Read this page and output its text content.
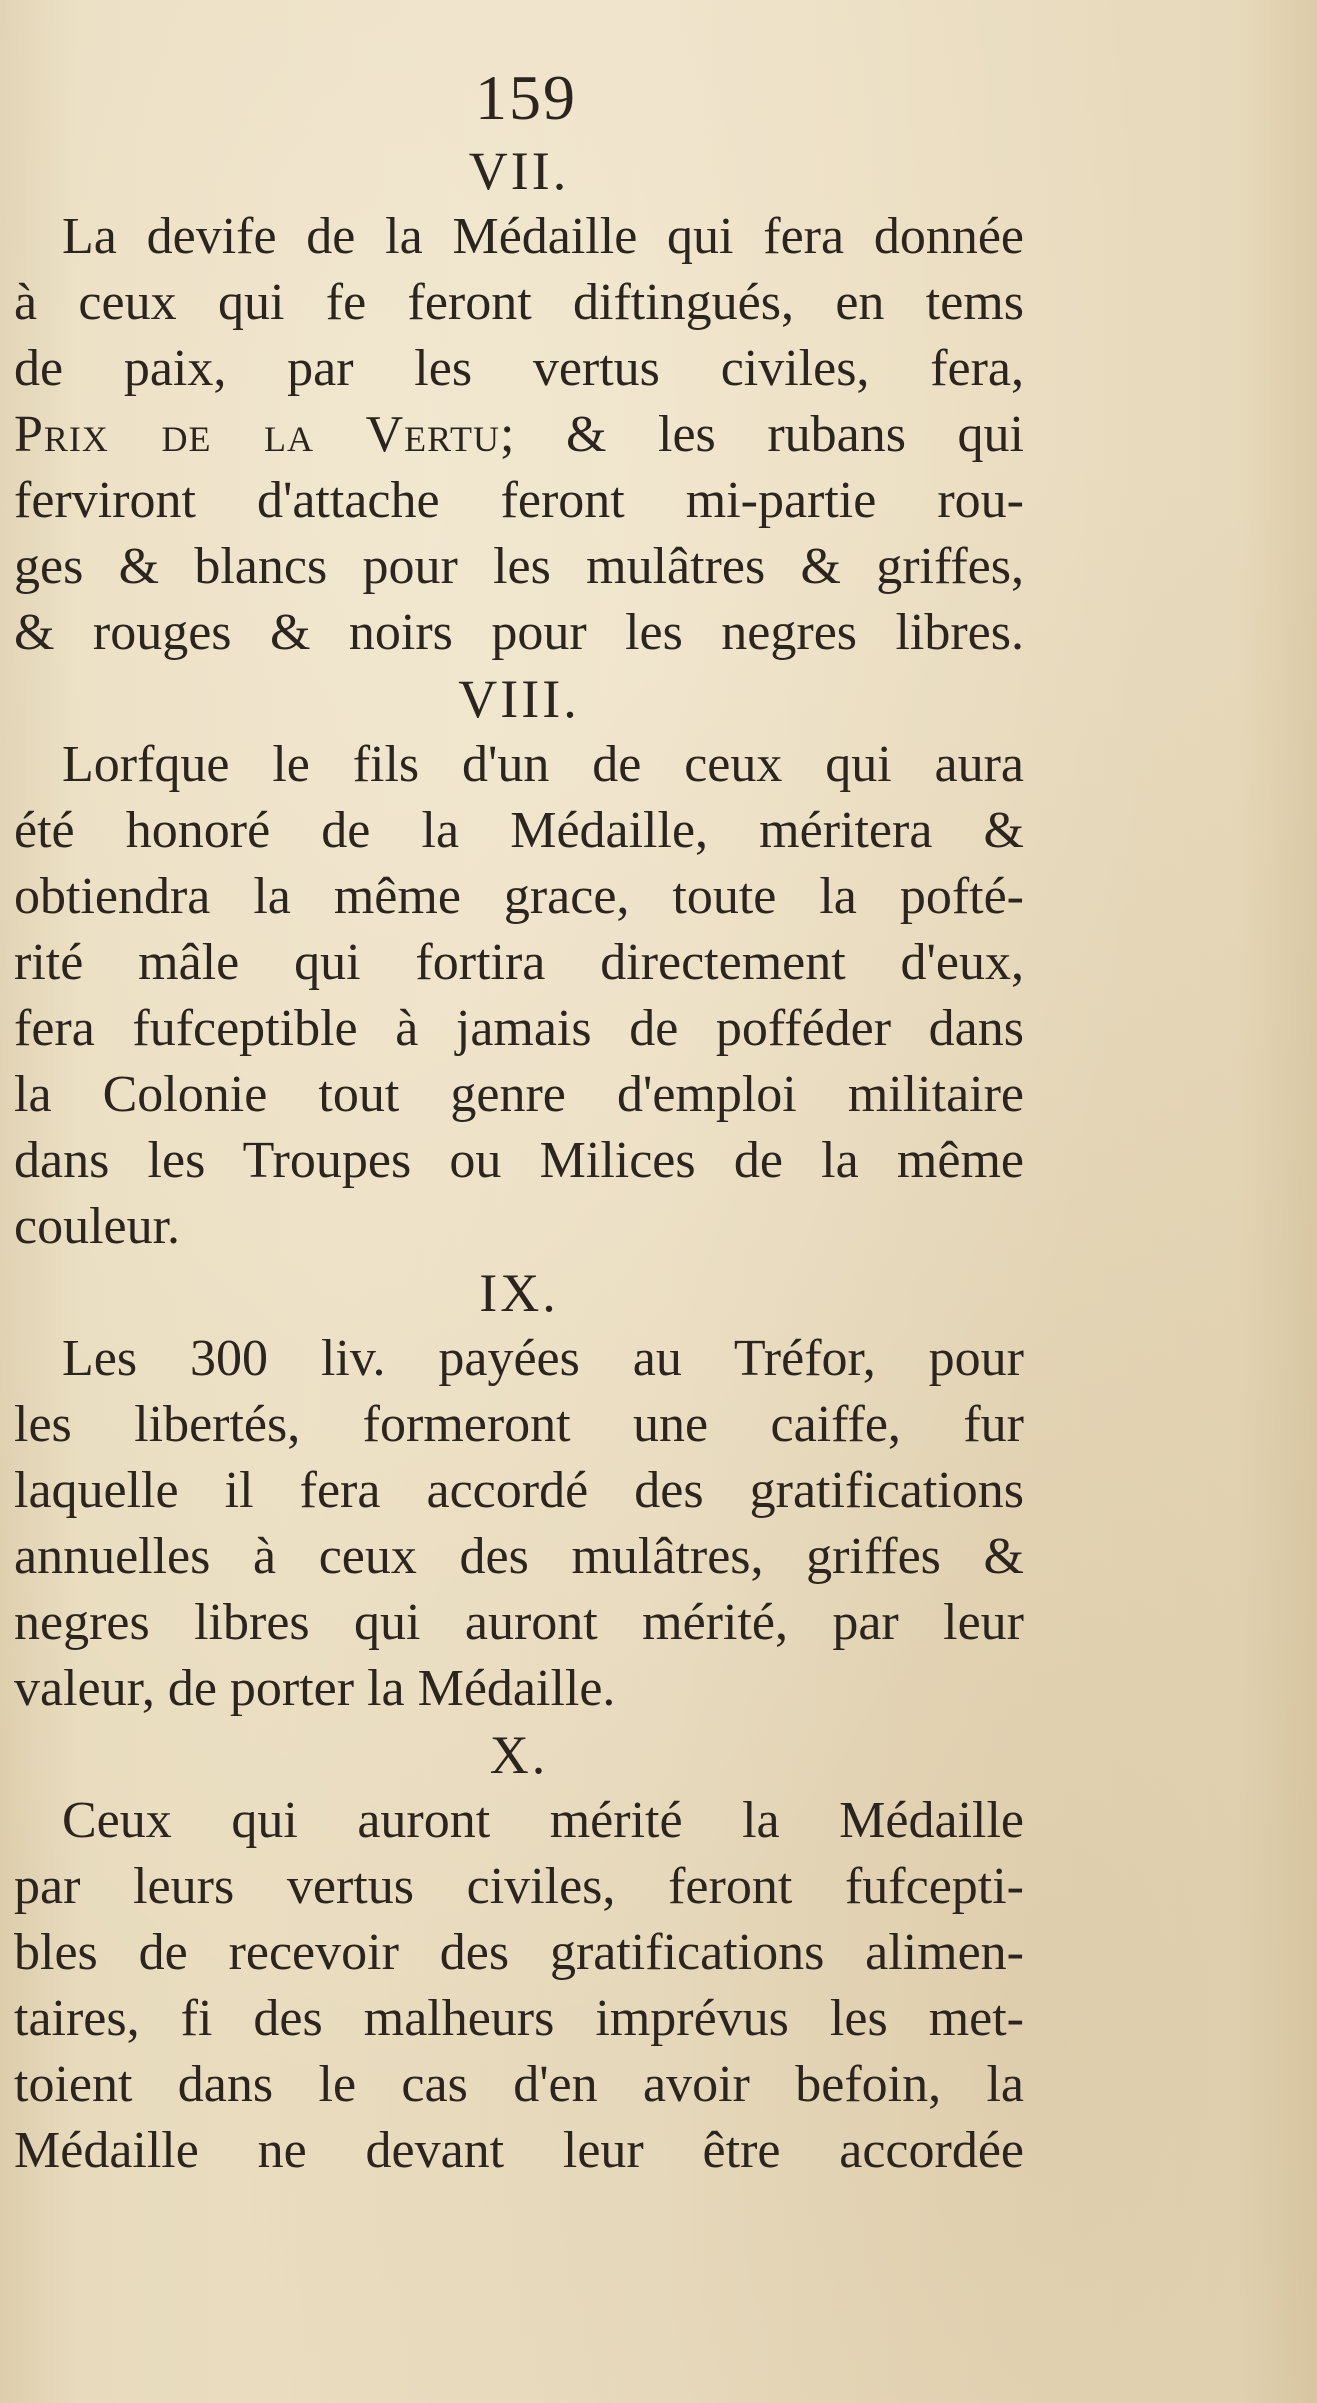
159
VII.
La devife de la Médaille qui fera donnée
à ceux qui fe feront diftingués, en tems
de paix, par les vertus civiles, fera,
Prix de la Vertu; & les rubans qui
ferviront d'attache feront mi-partie rou-
ges & blancs pour les mulâtres & griffes,
& rouges & noirs pour les negres libres.
VIII.
Lorfque le fils d'un de ceux qui aura
été honoré de la Médaille, méritera &
obtiendra la même grace, toute la pofté-
rité mâle qui fortira directement d'eux,
fera fufceptible à jamais de pofféder dans
la Colonie tout genre d'emploi militaire
dans les Troupes ou Milices de la même
couleur.
IX.
Les 300 liv. payées au Tréfor, pour
les libertés, formeront une caiffe, fur
laquelle il fera accordé des gratifications
annuelles à ceux des mulâtres, griffes &
negres libres qui auront mérité, par leur
valeur, de porter la Médaille.
X.
Ceux qui auront mérité la Médaille
par leurs vertus civiles, feront fufcepti-
bles de recevoir des gratifications alimen-
taires, fi des malheurs imprévus les met-
toient dans le cas d'en avoir befoin, la
Médaille ne devant leur être accordée
